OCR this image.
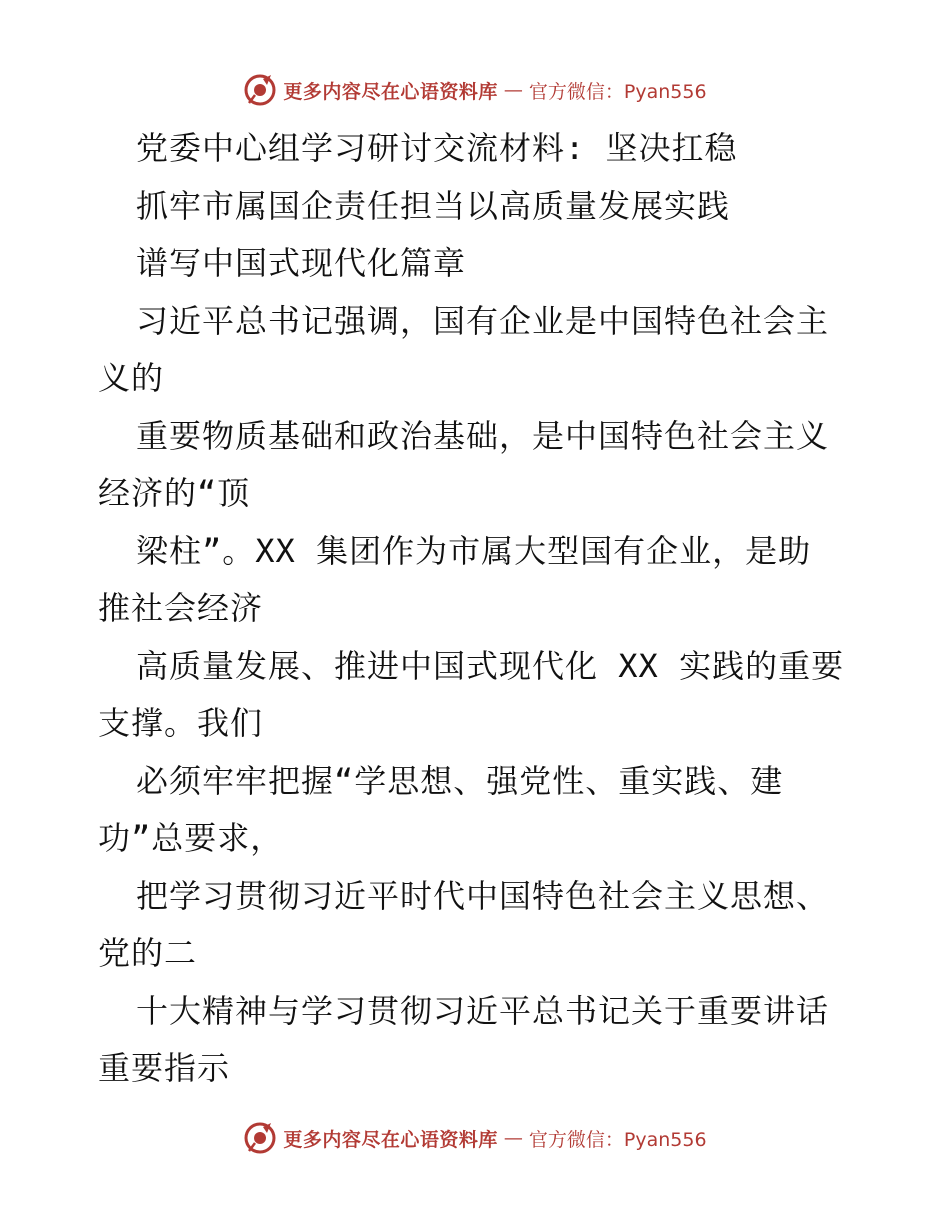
更多内容尽在心语资料库 — 官方微信：Pyan556
党委中心组学习研讨交流材料: 坚决扛稳
抓牢市属国企责任担当以高质量发展实践
谱写中国式现代化篇章
习近平总书记强调，国有企业是中国特色社会主
义的
重要物质基础和政治基础，是中国特色社会主义
经济的“顶
梁柱”。XX 集团作为市属大型国有企业，是助
推社会经济
高质量发展、推进中国式现代化 XX 实践的重要
支撑。我们
必须牢牢把握“学思想、强党性、重实践、建
功”总要求，
把学习贯彻习近平时代中国特色社会主义思想、
党的二
十大精神与学习贯彻习近平总书记关于重要讲话
重要指示
更多内容尽在心语资料库 — 官方微信：Pyan556
